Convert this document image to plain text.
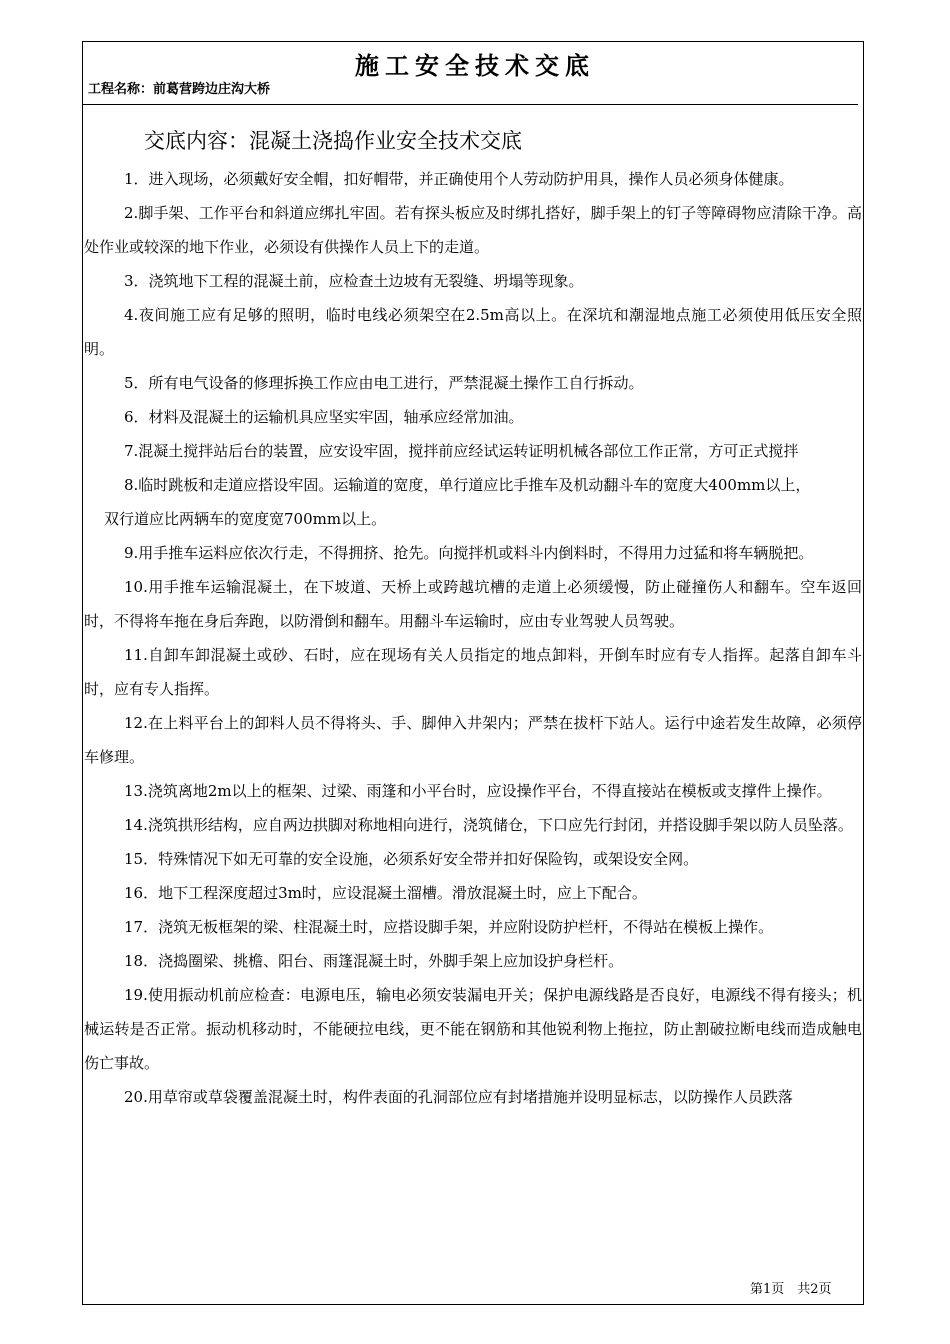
施工安全技术交底
工程名称：前葛营跨边庄沟大桥
交底内容：混凝土浇捣作业安全技术交底

1．进入现场，必须戴好安全帽，扣好帽带，并正确使用个人劳动防护用具，操作人员必须身体健康。

2.脚手架、工作平台和斜道应绑扎牢固。若有探头板应及时绑扎搭好，脚手架上的钉子等障碍物应清除干净。高处作业或较深的地下作业，必须设有供操作人员上下的走道。

3．浇筑地下工程的混凝土前，应检查土边坡有无裂缝、坍塌等现象。

4.夜间施工应有足够的照明，临时电线必须架空在2.5m高以上。在深坑和潮湿地点施工必须使用低压安全照明。

5．所有电气设备的修理拆换工作应由电工进行，严禁混凝土操作工自行拆动。

6．材料及混凝土的运输机具应坚实牢固，轴承应经常加油。

7.混凝土搅拌站后台的装置，应安设牢固，搅拌前应经试运转证明机械各部位工作正常，方可正式搅拌

8.临时跳板和走道应搭设牢固。运输道的宽度，单行道应比手推车及机动翻斗车的宽度大400mm以上，

双行道应比两辆车的宽度宽700mm以上。

9.用手推车运料应依次行走，不得拥挤、抢先。向搅拌机或料斗内倒料时，不得用力过猛和将车辆脱把。

10.用手推车运输混凝土，在下坡道、天桥上或跨越坑槽的走道上必须缓慢，防止碰撞伤人和翻车。空车返回时，不得将车拖在身后奔跑，以防滑倒和翻车。用翻斗车运输时，应由专业驾驶人员驾驶。

11.自卸车卸混凝土或砂、石时，应在现场有关人员指定的地点卸料，开倒车时应有专人指挥。起落自卸车斗时，应有专人指挥。

12.在上料平台上的卸料人员不得将头、手、脚伸入井架内；严禁在拔杆下站人。运行中途若发生故障，必须停车修理。

13.浇筑离地2m以上的框架、过梁、雨篷和小平台时，应设操作平台，不得直接站在模板或支撑件上操作。

14.浇筑拱形结构，应自两边拱脚对称地相向进行，浇筑储仓，下口应先行封闭，并搭设脚手架以防人员坠落。

15．特殊情况下如无可靠的安全设施，必须系好安全带并扣好保险钩，或架设安全网。

16．地下工程深度超过3m时，应设混凝土溜槽。滑放混凝土时，应上下配合。

17．浇筑无板框架的梁、柱混凝土时，应搭设脚手架，并应附设防护栏杆，不得站在模板上操作。

18．浇捣圈梁、挑檐、阳台、雨篷混凝土时，外脚手架上应加设护身栏杆。

19.使用振动机前应检查：电源电压，输电必须安装漏电开关；保护电源线路是否良好，电源线不得有接头；机械运转是否正常。振动机移动时，不能硬拉电线，更不能在钢筋和其他锐利物上拖拉，防止割破拉断电线而造成触电伤亡事故。

20.用草帘或草袋覆盖混凝土时，构件表面的孔洞部位应有封堵措施并设明显标志，以防操作人员跌落

第1页　共2页
